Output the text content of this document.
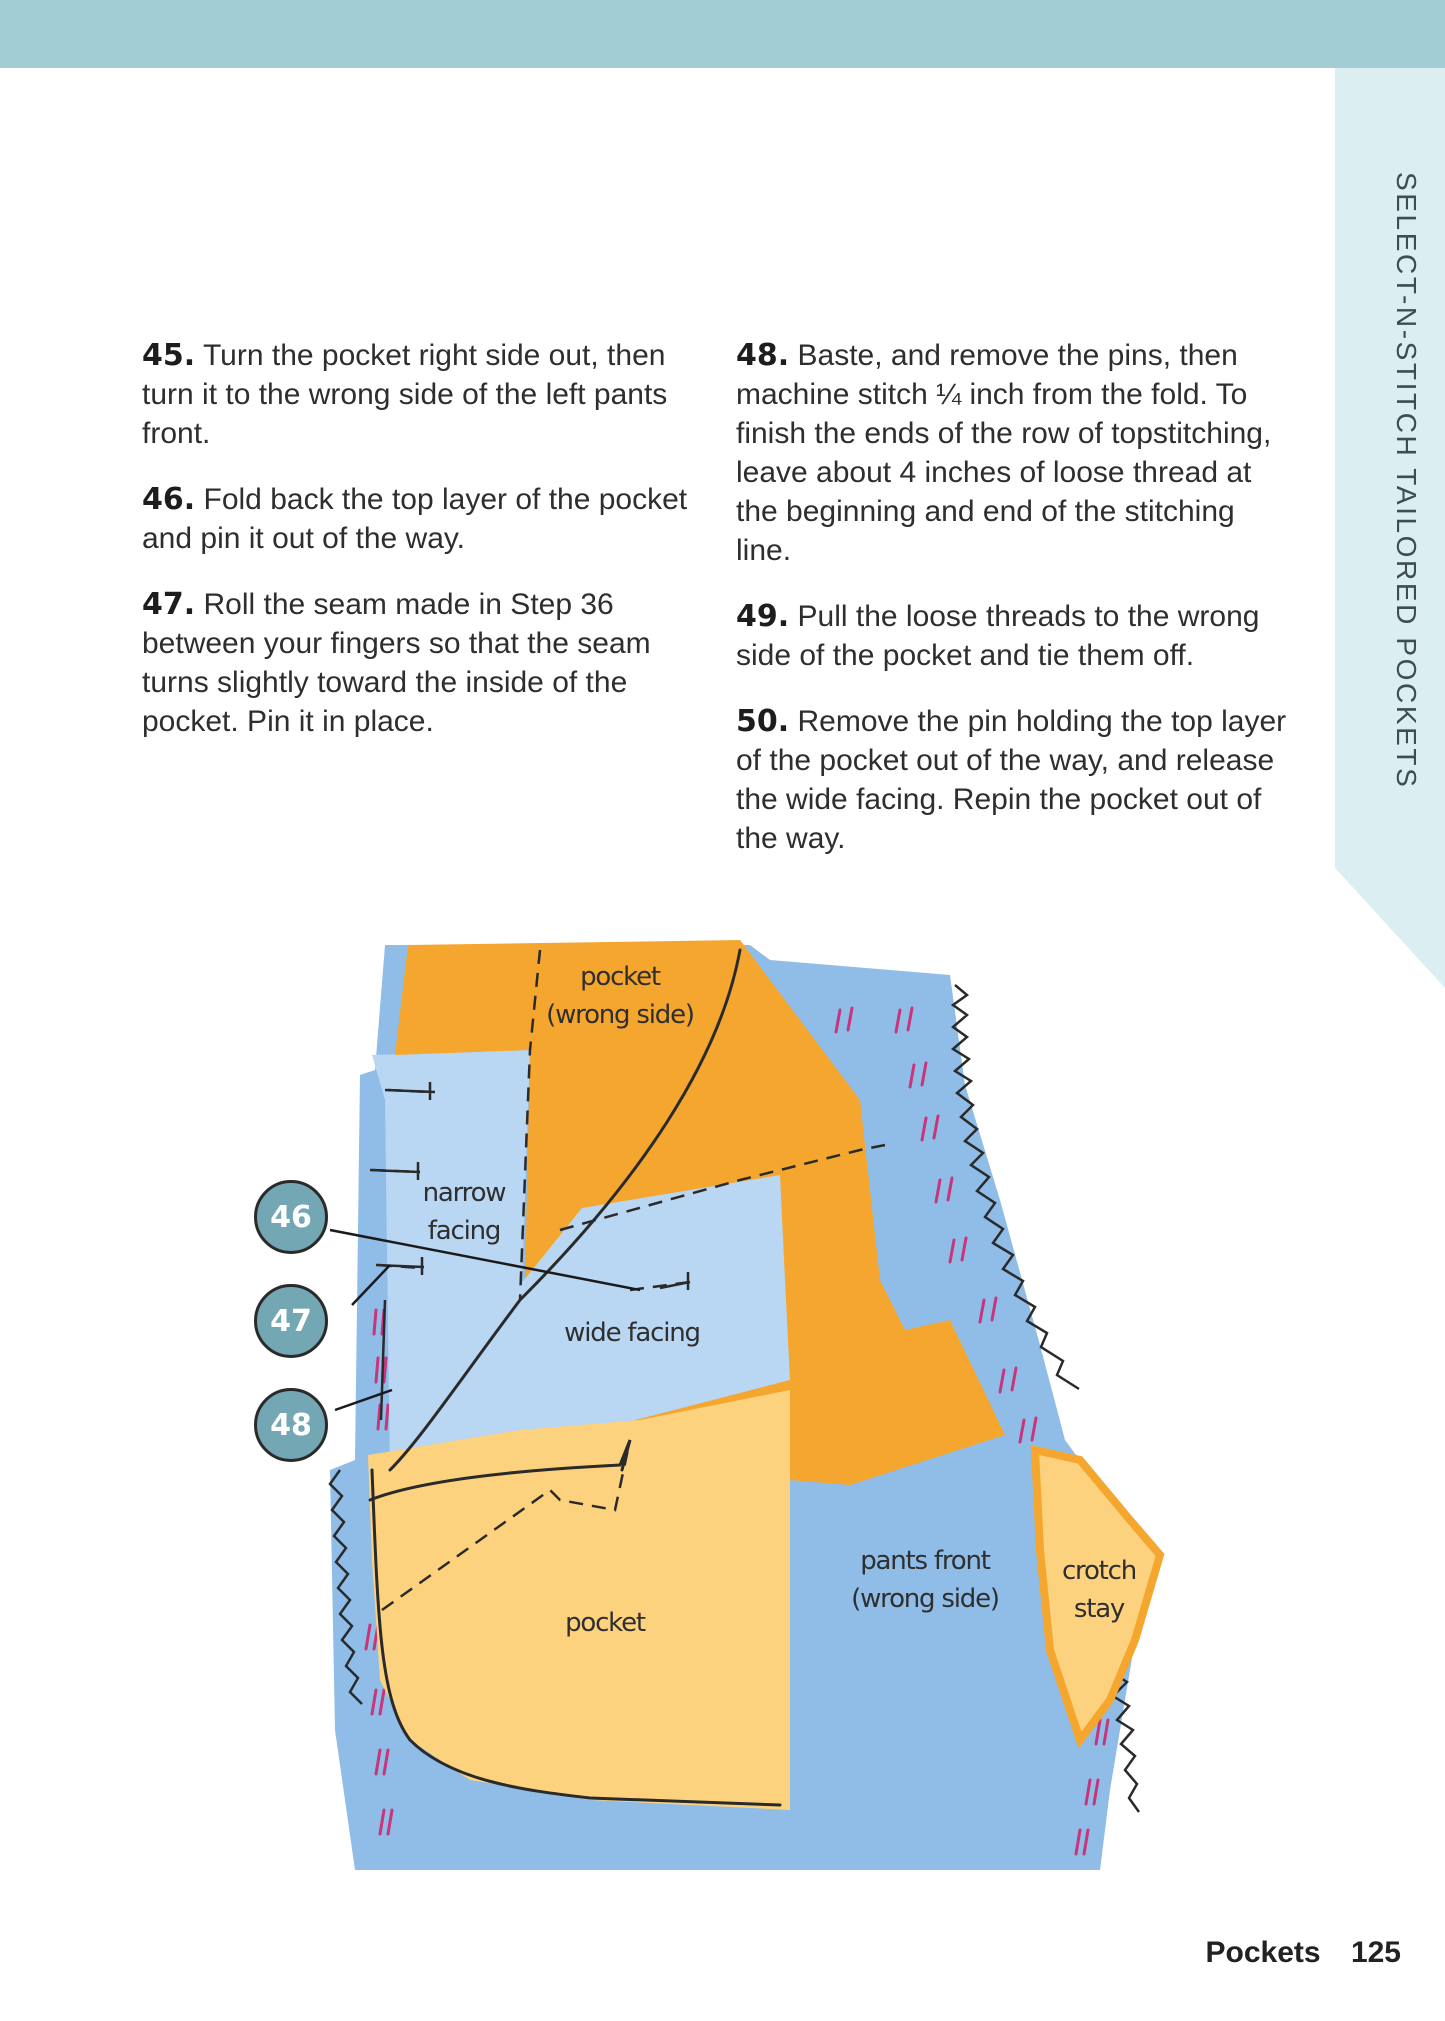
SELECT-N-STITCH TAILORED POCKETS

45. Turn the pocket right side out, then turn it to the wrong side of the left pants front.

46. Fold back the top layer of the pocket and pin it out of the way.

47. Roll the seam made in Step 36 between your fingers so that the seam turns slightly toward the inside of the pocket. Pin it in place.

48. Baste, and remove the pins, then machine stitch ¼ inch from the fold. To finish the ends of the row of topstitching, leave about 4 inches of loose thread at the beginning and end of the stitching line.

49. Pull the loose threads to the wrong side of the pocket and tie them off.

50. Remove the pin holding the top layer of the pocket out of the way, and release the wide facing. Repin the pocket out of the way.

pocket
(wrong side)
narrow
facing
wide facing
pocket
pants front
(wrong side)
crotch
stay
46
47
48
Pockets 125
